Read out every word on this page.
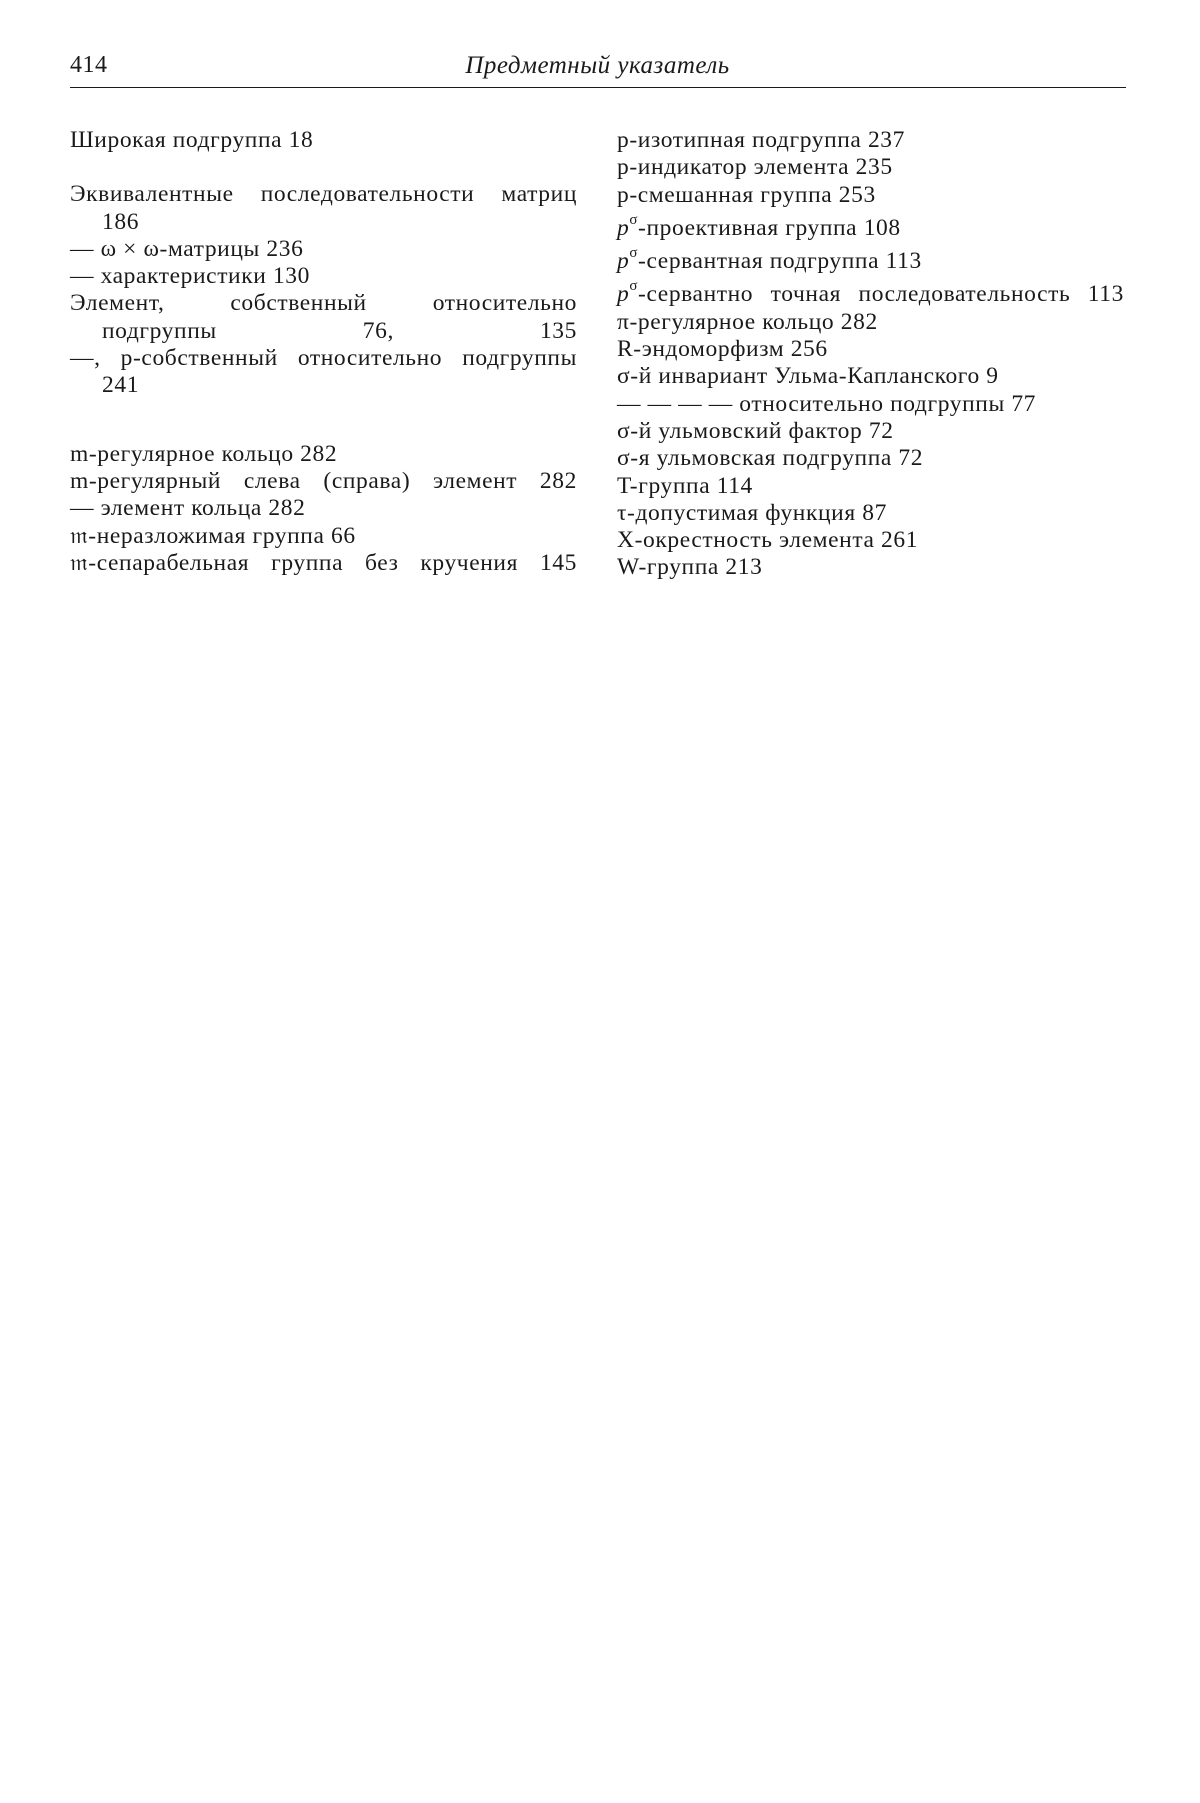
414	Предметный указатель

Широкая подгруппа 18

Эквивалентные последовательности матриц 186

— ω × ω-матрицы 236

— характеристики 130

Элемент, собственный относительно подгруппы 76, 135

—, p-собственный относительно подгруппы 241

m-регулярное кольцо 282

m-регулярный слева (справа) элемент 282

— элемент кольца 282

𝔪-неразложимая группа 66

𝔪-сепарабельная группа без кручения 145

p-изотипная подгруппа 237

p-индикатор элемента 235

p-смешанная группа 253

$p^\sigma$-проективная группа 108

$p^\sigma$-сервантная подгруппа 113

$p^\sigma$-сервантно точная последовательность 113

π-регулярное кольцо 282

R-эндоморфизм 256

σ-й инвариант Ульма-Капланского 9

— — — — относительно подгруппы 77

σ-й ульмовский фактор 72

σ-я ульмовская подгруппа 72

T-группа 114

τ-допустимая функция 87

X-окрестность элемента 261

W-группа 213
